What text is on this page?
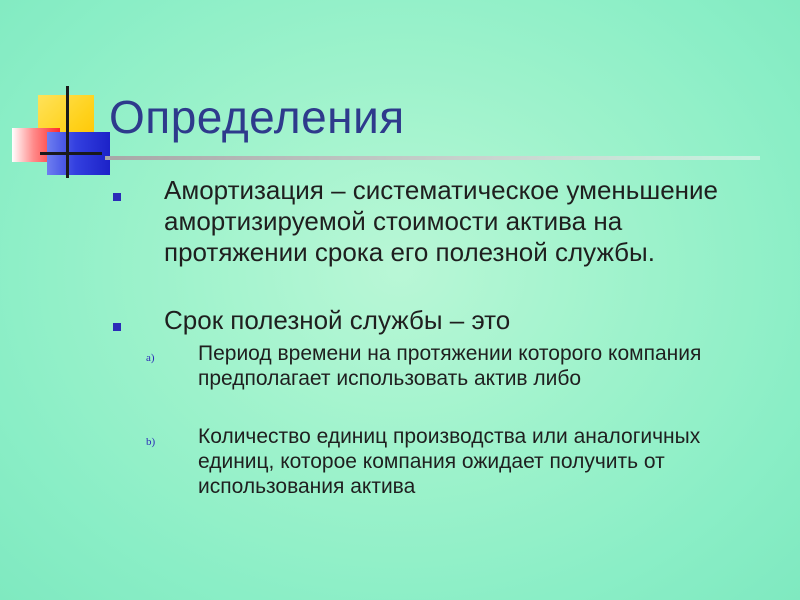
Определения

Амортизация – систематическое уменьшение амортизируемой стоимости актива на протяжении срока его полезной службы.

Срок полезной службы – это

a) Период времени на протяжении которого компания предполагает использовать актив либо

b) Количество единиц производства или аналогичных единиц, которое компания ожидает получить от использования актива
